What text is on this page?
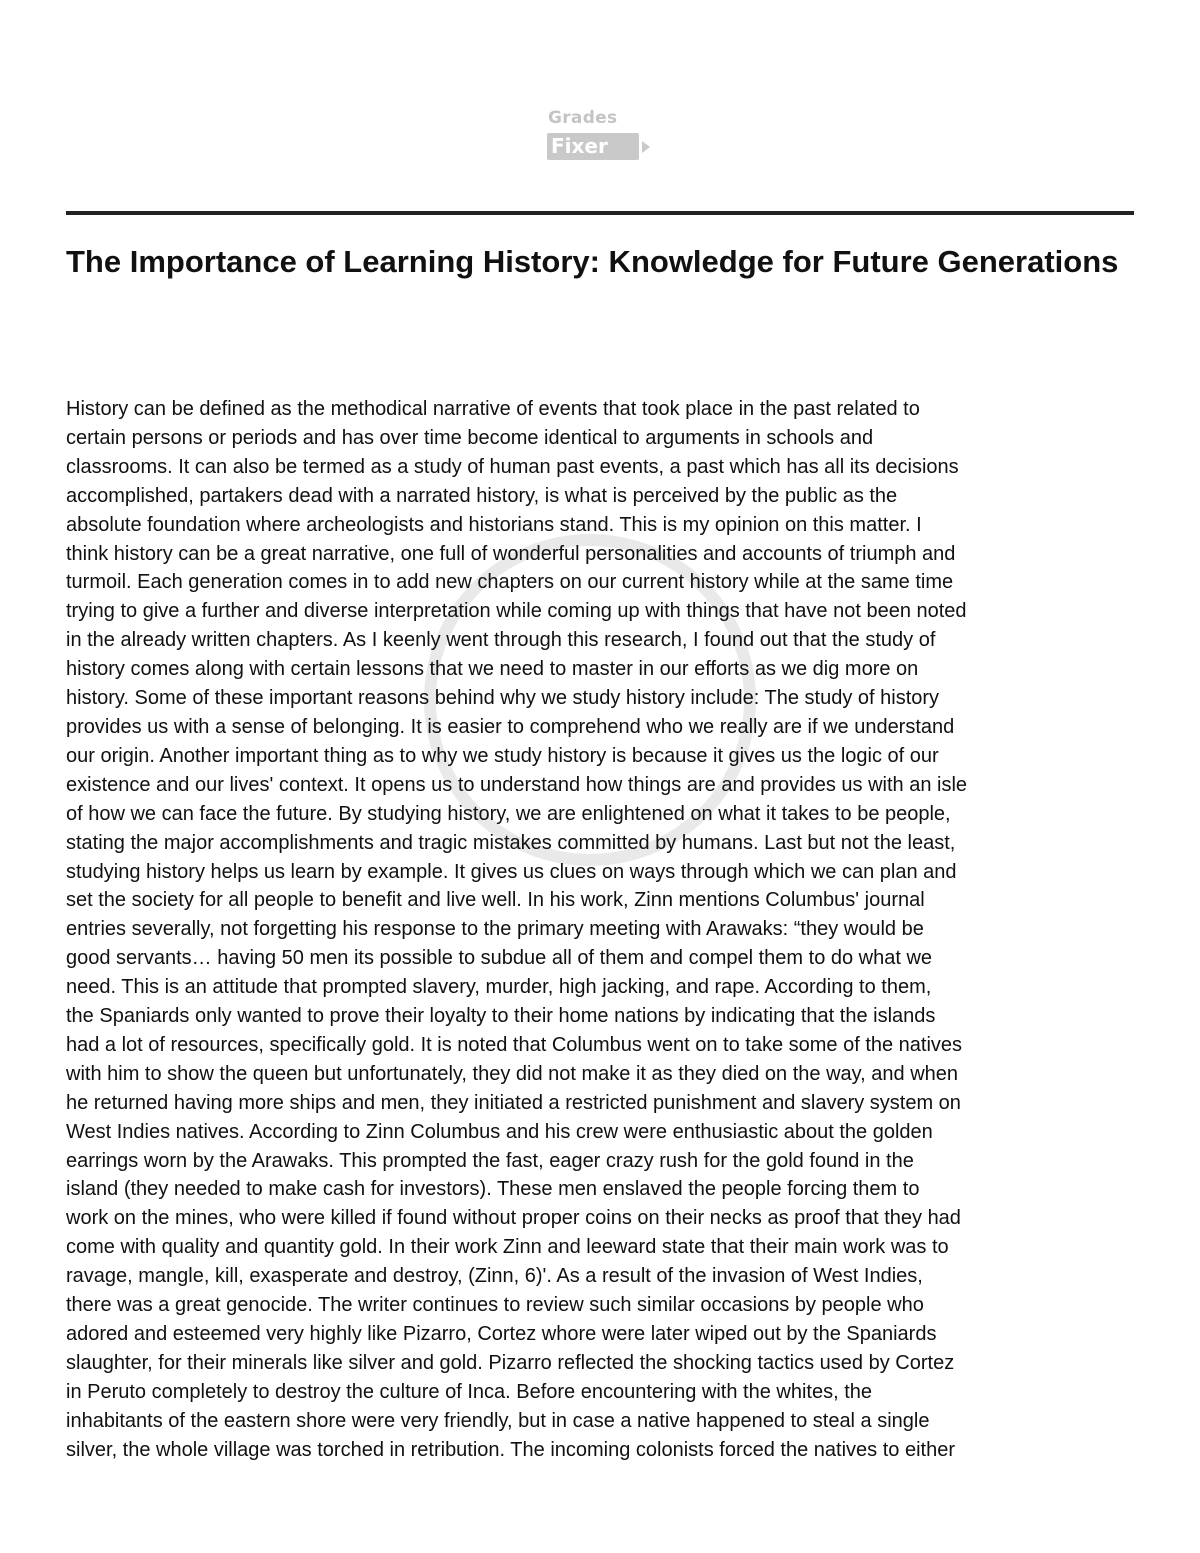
Grades
Fixer
The Importance of Learning History: Knowledge for Future Generations
History can be defined as the methodical narrative of events that took place in the past related to
certain persons or periods and has over time become identical to arguments in schools and
classrooms. It can also be termed as a study of human past events, a past which has all its decisions
accomplished, partakers dead with a narrated history, is what is perceived by the public as the
absolute foundation where archeologists and historians stand. This is my opinion on this matter. I
think history can be a great narrative, one full of wonderful personalities and accounts of triumph and
turmoil. Each generation comes in to add new chapters on our current history while at the same time
trying to give a further and diverse interpretation while coming up with things that have not been noted
in the already written chapters. As I keenly went through this research, I found out that the study of
history comes along with certain lessons that we need to master in our efforts as we dig more on
history. Some of these important reasons behind why we study history include: The study of history
provides us with a sense of belonging. It is easier to comprehend who we really are if we understand
our origin. Another important thing as to why we study history is because it gives us the logic of our
existence and our lives' context. It opens us to understand how things are and provides us with an isle
of how we can face the future. By studying history, we are enlightened on what it takes to be people,
stating the major accomplishments and tragic mistakes committed by humans. Last but not the least,
studying history helps us learn by example. It gives us clues on ways through which we can plan and
set the society for all people to benefit and live well. In his work, Zinn mentions Columbus' journal
entries severally, not forgetting his response to the primary meeting with Arawaks: “they would be
good servants… having 50 men its possible to subdue all of them and compel them to do what we
need. This is an attitude that prompted slavery, murder, high jacking, and rape. According to them,
the Spaniards only wanted to prove their loyalty to their home nations by indicating that the islands
had a lot of resources, specifically gold. It is noted that Columbus went on to take some of the natives
with him to show the queen but unfortunately, they did not make it as they died on the way, and when
he returned having more ships and men, they initiated a restricted punishment and slavery system on
West Indies natives. According to Zinn Columbus and his crew were enthusiastic about the golden
earrings worn by the Arawaks. This prompted the fast, eager crazy rush for the gold found in the
island (they needed to make cash for investors). These men enslaved the people forcing them to
work on the mines, who were killed if found without proper coins on their necks as proof that they had
come with quality and quantity gold. In their work Zinn and leeward state that their main work was to
ravage, mangle, kill, exasperate and destroy, (Zinn, 6)'. As a result of the invasion of West Indies,
there was a great genocide. The writer continues to review such similar occasions by people who
adored and esteemed very highly like Pizarro, Cortez whore were later wiped out by the Spaniards
slaughter, for their minerals like silver and gold. Pizarro reflected the shocking tactics used by Cortez
in Peruto completely to destroy the culture of Inca. Before encountering with the whites, the
inhabitants of the eastern shore were very friendly, but in case a native happened to steal a single
silver, the whole village was torched in retribution. The incoming colonists forced the natives to either
